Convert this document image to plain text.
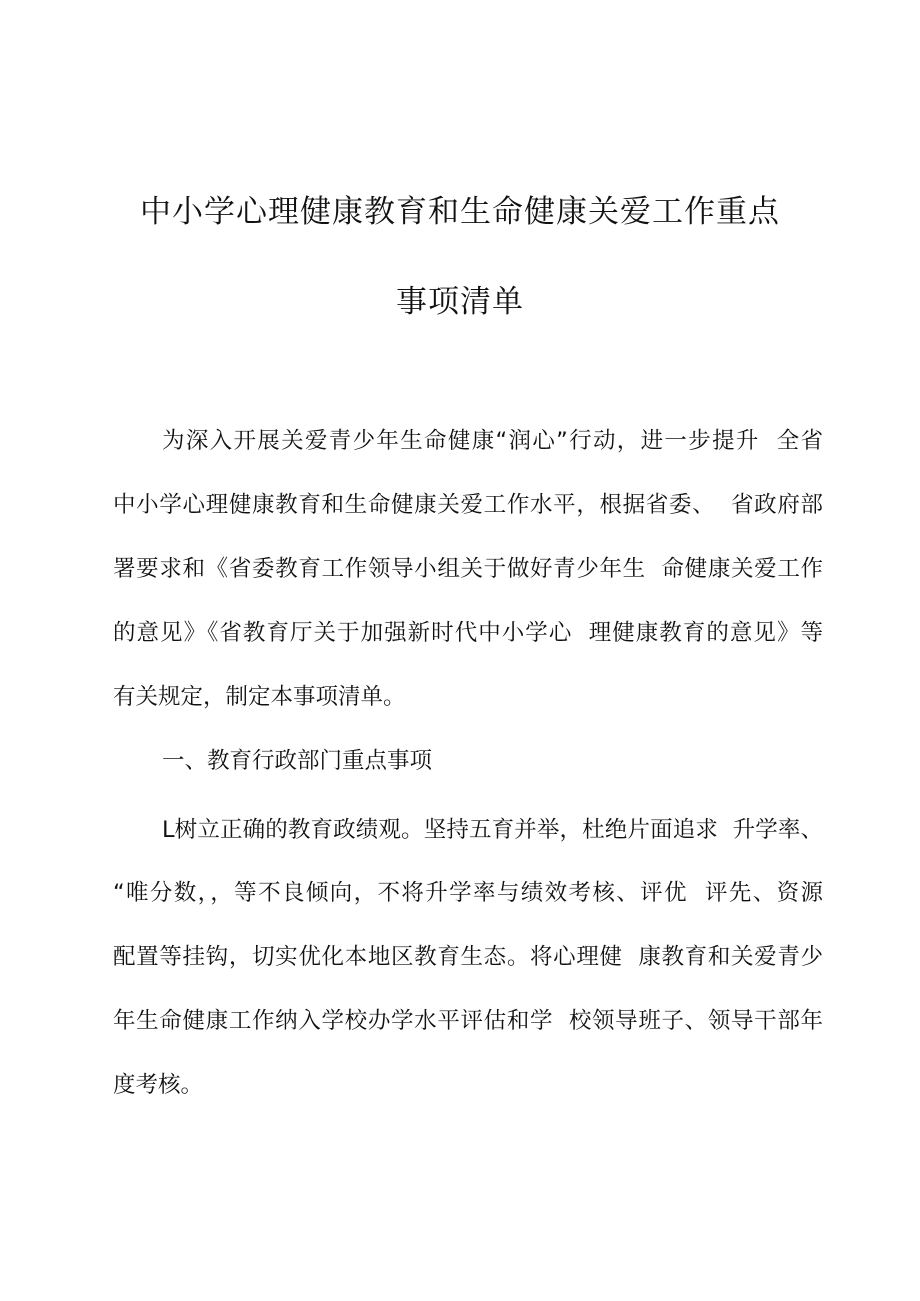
中小学心理健康教育和生命健康关爱工作重点
事项清单
为深入开展关爱青少年生命健康“润心”行动，进一步提升  全省
中小学心理健康教育和生命健康关爱工作水平，根据省委、  省政府部
署要求和《省委教育工作领导小组关于做好青少年生  命健康关爱工作
的意见》《省教育厅关于加强新时代中小学心  理健康教育的意见》等
有关规定，制定本事项清单。
一、教育行政部门重点事项
L树立正确的教育政绩观。坚持五育并举，杜绝片面追求  升学率、
“唯分数，，等不良倾向，不将升学率与绩效考核、评优  评先、资源
配置等挂钩，切实优化本地区教育生态。将心理健  康教育和关爱青少
年生命健康工作纳入学校办学水平评估和学  校领导班子、领导干部年
度考核。
